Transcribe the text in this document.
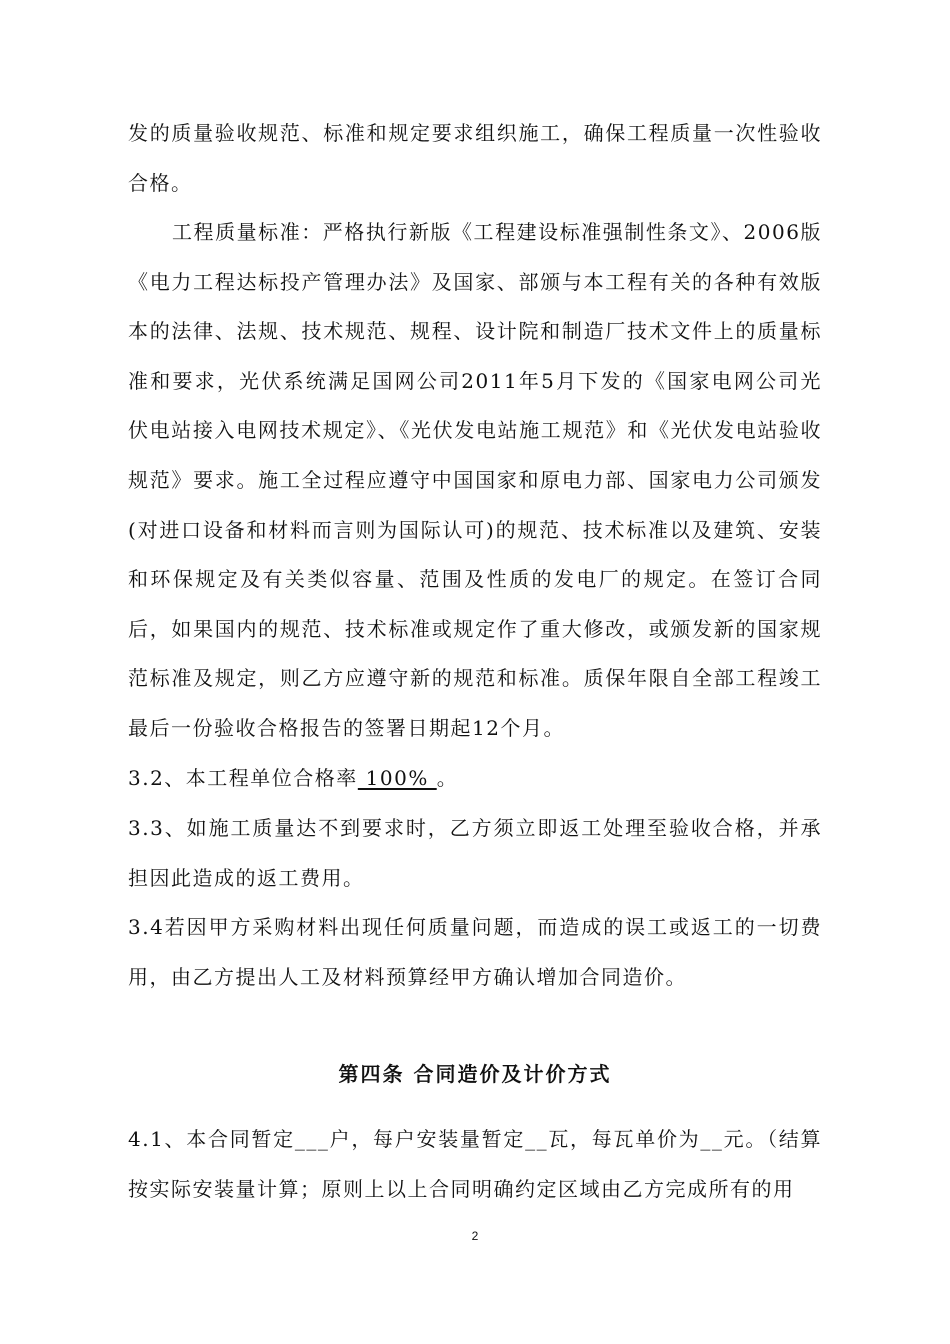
发的质量验收规范、标准和规定要求组织施工，确保工程质量一次性验收合格。

工程质量标准：严格执行新版《工程建设标准强制性条文》、2006版《电力工程达标投产管理办法》及国家、部颁与本工程有关的各种有效版本的法律、法规、技术规范、规程、设计院和制造厂技术文件上的质量标准和要求，光伏系统满足国网公司2011年5月下发的《国家电网公司光伏电站接入电网技术规定》、《光伏发电站施工规范》和《光伏发电站验收规范》要求。施工全过程应遵守中国国家和原电力部、国家电力公司颁发(对进口设备和材料而言则为国际认可)的规范、技术标准以及建筑、安装和环保规定及有关类似容量、范围及性质的发电厂的规定。在签订合同后，如果国内的规范、技术标准或规定作了重大修改，或颁发新的国家规范标准及规定，则乙方应遵守新的规范和标准。质保年限自全部工程竣工最后一份验收合格报告的签署日期起12个月。

3.2、本工程单位合格率 100% 。

3.3、如施工质量达不到要求时，乙方须立即返工处理至验收合格，并承担因此造成的返工费用。

3.4若因甲方采购材料出现任何质量问题，而造成的误工或返工的一切费用，由乙方提出人工及材料预算经甲方确认增加合同造价。

第四条 合同造价及计价方式

4.1、本合同暂定___户，每户安装量暂定__瓦，每瓦单价为__元。（结算按实际安装量计算；原则上以上合同明确约定区域由乙方完成所有的用

2
